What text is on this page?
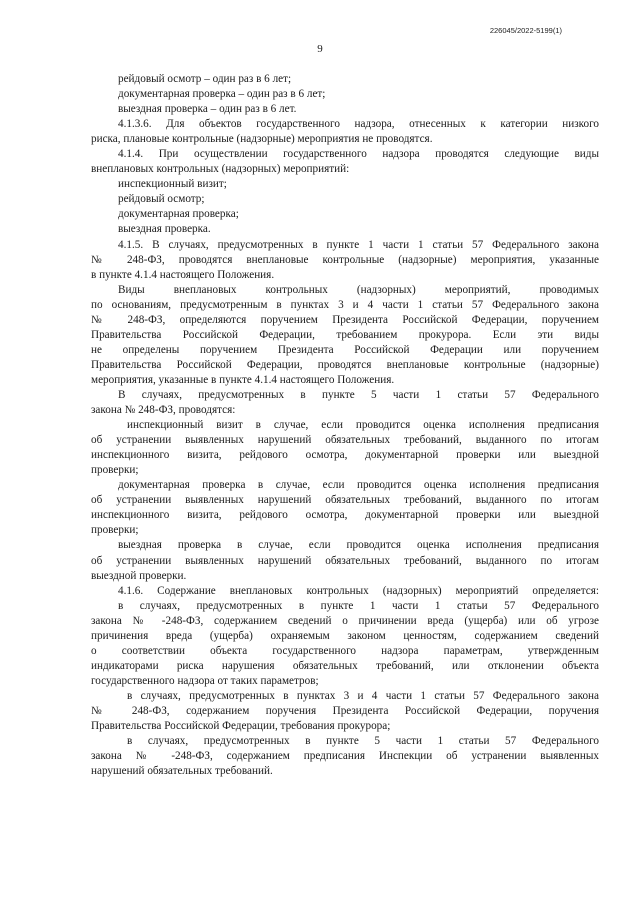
226045/2022-5199(1)
9
рейдовый осмотр – один раз в 6 лет;
документарная проверка – один раз в 6 лет;
выездная проверка – один раз в 6 лет.
4.1.3.6. Для объектов государственного надзора, отнесенных к категории низкого
риска, плановые контрольные (надзорные) мероприятия не проводятся.
4.1.4. При осуществлении государственного надзора проводятся следующие виды
внеплановых контрольных (надзорных) мероприятий:
инспекционный визит;
рейдовый осмотр;
документарная проверка;
выездная проверка.
4.1.5. В случаях, предусмотренных в пункте 1 части 1 статьи 57 Федерального закона
№ 248-ФЗ, проводятся внеплановые контрольные (надзорные) мероприятия, указанные
в пункте 4.1.4 настоящего Положения.
Виды внеплановых контрольных (надзорных) мероприятий, проводимых
по основаниям, предусмотренным в пунктах 3 и 4 части 1 статьи 57 Федерального закона
№ 248-ФЗ, определяются поручением Президента Российской Федерации, поручением
Правительства Российской Федерации, требованием прокурора. Если эти виды
не определены поручением Президента Российской Федерации или поручением
Правительства Российской Федерации, проводятся внеплановые контрольные (надзорные)
мероприятия, указанные в пункте 4.1.4 настоящего Положения.
В случаях, предусмотренных в пункте 5 части 1 статьи 57 Федерального
закона № 248-ФЗ, проводятся:
инспекционный визит в случае, если проводится оценка исполнения предписания
об устранении выявленных нарушений обязательных требований, выданного по итогам
инспекционного визита, рейдового осмотра, документарной проверки или выездной
проверки;
документарная проверка в случае, если проводится оценка исполнения предписания
об устранении выявленных нарушений обязательных требований, выданного по итогам
инспекционного визита, рейдового осмотра, документарной проверки или выездной
проверки;
выездная проверка в случае, если проводится оценка исполнения предписания
об устранении выявленных нарушений обязательных требований, выданного по итогам
выездной проверки.
4.1.6. Содержание внеплановых контрольных (надзорных) мероприятий определяется:
в случаях, предусмотренных в пункте 1 части 1 статьи 57 Федерального
закона № -248-ФЗ, содержанием сведений о причинении вреда (ущерба) или об угрозе
причинения вреда (ущерба) охраняемым законом ценностям, содержанием сведений
о соответствии объекта государственного надзора параметрам, утвержденным
индикаторами риска нарушения обязательных требований, или отклонении объекта
государственного надзора от таких параметров;
в случаях, предусмотренных в пунктах 3 и 4 части 1 статьи 57 Федерального закона
№ 248-ФЗ, содержанием поручения Президента Российской Федерации, поручения
Правительства Российской Федерации, требования прокурора;
в случаях, предусмотренных в пункте 5 части 1 статьи 57 Федерального
закона № -248-ФЗ, содержанием предписания Инспекции об устранении выявленных
нарушений обязательных требований.
